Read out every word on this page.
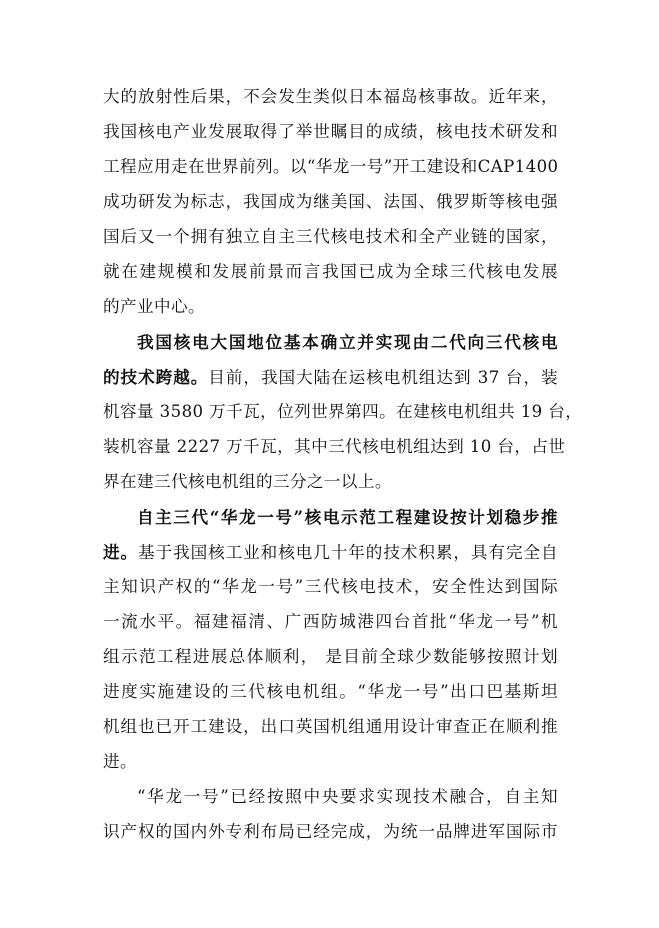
大的放射性后果，不会发生类似日本福岛核事故。近年来，
我国核电产业发展取得了举世瞩目的成绩，核电技术研发和
工程应用走在世界前列。以“华龙一号”开工建设和CAP1400
成功研发为标志，我国成为继美国、法国、俄罗斯等核电强
国后又一个拥有独立自主三代核电技术和全产业链的国家，
就在建规模和发展前景而言我国已成为全球三代核电发展
的产业中心。
我国核电大国地位基本确立并实现由二代向三代核电
的技术跨越。目前，我国大陆在运核电机组达到 37 台，装
机容量 3580 万千瓦，位列世界第四。在建核电机组共 19 台，
装机容量 2227 万千瓦，其中三代核电机组达到 10 台，占世
界在建三代核电机组的三分之一以上。
自主三代“华龙一号”核电示范工程建设按计划稳步推
进。基于我国核工业和核电几十年的技术积累，具有完全自
主知识产权的“华龙一号”三代核电技术，安全性达到国际
一流水平。福建福清、广西防城港四台首批“华龙一号”机
组示范工程进展总体顺利， 是目前全球少数能够按照计划
进度实施建设的三代核电机组。“华龙一号”出口巴基斯坦
机组也已开工建设，出口英国机组通用设计审查正在顺利推
进。
“华龙一号”已经按照中央要求实现技术融合，自主知
识产权的国内外专利布局已经完成，为统一品牌进军国际市
